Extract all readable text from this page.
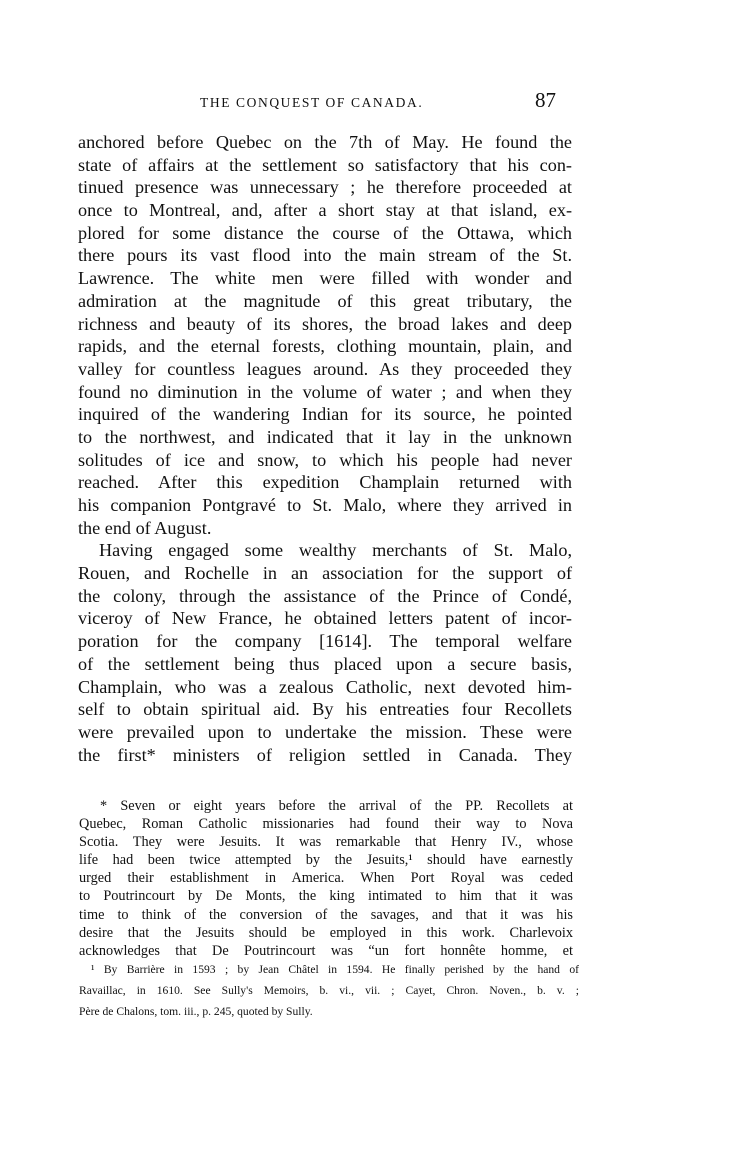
THE CONQUEST OF CANADA.	87
anchored before Quebec on the 7th of May. He found the
state of affairs at the settlement so satisfactory that his con-
tinued presence was unnecessary ; he therefore proceeded at
once to Montreal, and, after a short stay at that island, ex-
plored for some distance the course of the Ottawa, which
there pours its vast flood into the main stream of the St.
Lawrence. The white men were filled with wonder and
admiration at the magnitude of this great tributary, the
richness and beauty of its shores, the broad lakes and deep
rapids, and the eternal forests, clothing mountain, plain, and
valley for countless leagues around. As they proceeded they
found no diminution in the volume of water ; and when they
inquired of the wandering Indian for its source, he pointed
to the northwest, and indicated that it lay in the unknown
solitudes of ice and snow, to which his people had never
reached. After this expedition Champlain returned with
his companion Pontgravé to St. Malo, where they arrived in
the end of August.
Having engaged some wealthy merchants of St. Malo,
Rouen, and Rochelle in an association for the support of
the colony, through the assistance of the Prince of Condé,
viceroy of New France, he obtained letters patent of incor-
poration for the company [1614]. The temporal welfare
of the settlement being thus placed upon a secure basis,
Champlain, who was a zealous Catholic, next devoted him-
self to obtain spiritual aid. By his entreaties four Recollets
were prevailed upon to undertake the mission. These were
the first* ministers of religion settled in Canada. They
* Seven or eight years before the arrival of the PP. Recollets at
Quebec, Roman Catholic missionaries had found their way to Nova
Scotia. They were Jesuits. It was remarkable that Henry IV., whose
life had been twice attempted by the Jesuits,¹ should have earnestly
urged their establishment in America. When Port Royal was ceded
to Poutrincourt by De Monts, the king intimated to him that it was
time to think of the conversion of the savages, and that it was his
desire that the Jesuits should be employed in this work. Charlevoix
acknowledges that De Poutrincourt was “un fort honnête homme, et
¹ By Barrière in 1593 ; by Jean Châtel in 1594. He finally perished by the hand of
Ravaillac, in 1610. See Sully's Memoirs, b. vi., vii. ; Cayet, Chron. Noven., b. v. ;
Père de Chalons, tom. iii., p. 245, quoted by Sully.
